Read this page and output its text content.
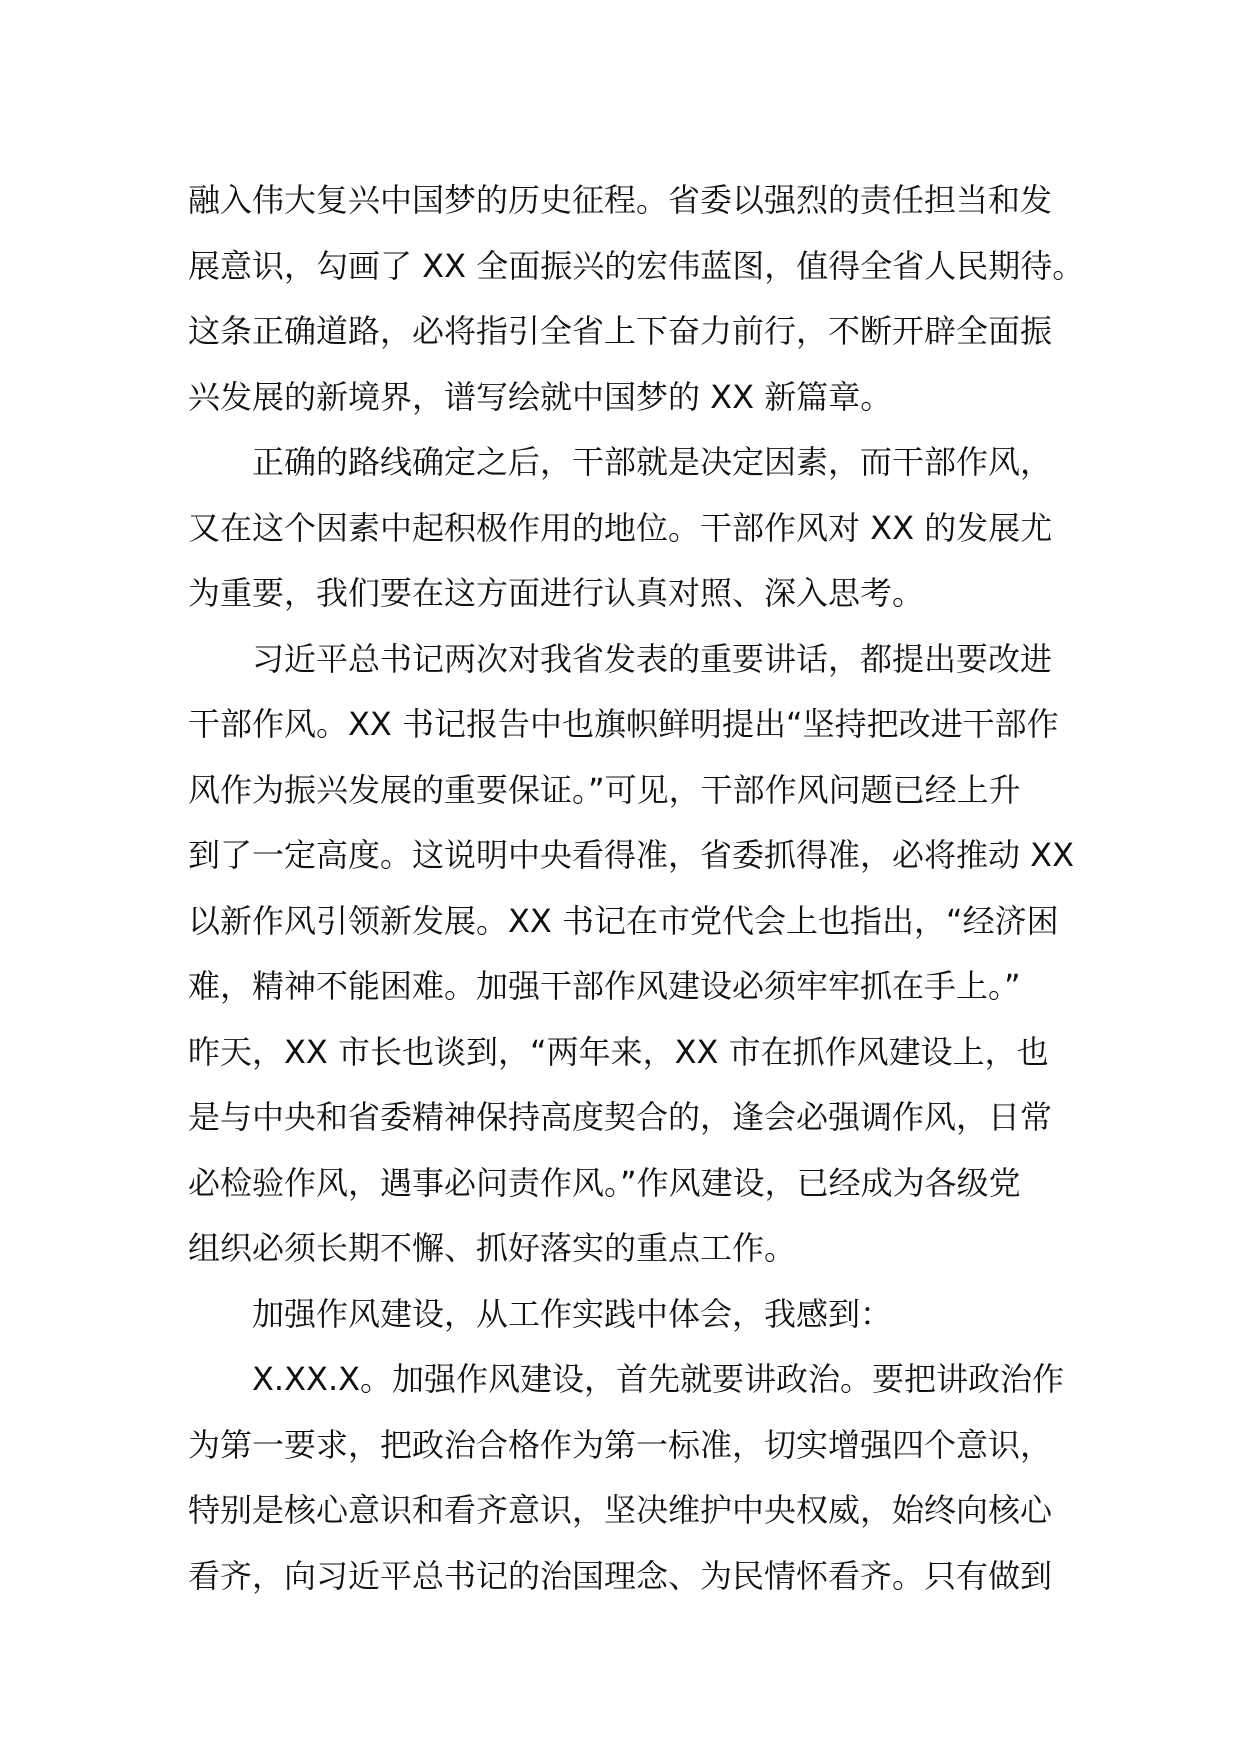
融入伟大复兴中国梦的历史征程。省委以强烈的责任担当和发
展意识，勾画了 XX 全面振兴的宏伟蓝图，值得全省人民期待。
这条正确道路，必将指引全省上下奋力前行，不断开辟全面振
兴发展的新境界，谱写绘就中国梦的 XX 新篇章。
正确的路线确定之后，干部就是决定因素，而干部作风，
又在这个因素中起积极作用的地位。干部作风对 XX 的发展尤
为重要，我们要在这方面进行认真对照、深入思考。
习近平总书记两次对我省发表的重要讲话，都提出要改进
干部作风。XX 书记报告中也旗帜鲜明提出“坚持把改进干部作
风作为振兴发展的重要保证。”可见，干部作风问题已经上升
到了一定高度。这说明中央看得准，省委抓得准，必将推动 XX
以新作风引领新发展。XX 书记在市党代会上也指出，“经济困
难，精神不能困难。加强干部作风建设必须牢牢抓在手上。”
昨天，XX 市长也谈到，“两年来，XX 市在抓作风建设上，也
是与中央和省委精神保持高度契合的，逢会必强调作风，日常
必检验作风，遇事必问责作风。”作风建设，已经成为各级党
组织必须长期不懈、抓好落实的重点工作。
加强作风建设，从工作实践中体会，我感到：
X.XX.X。加强作风建设，首先就要讲政治。要把讲政治作
为第一要求，把政治合格作为第一标准，切实增强四个意识，
特别是核心意识和看齐意识，坚决维护中央权威，始终向核心
看齐，向习近平总书记的治国理念、为民情怀看齐。只有做到
